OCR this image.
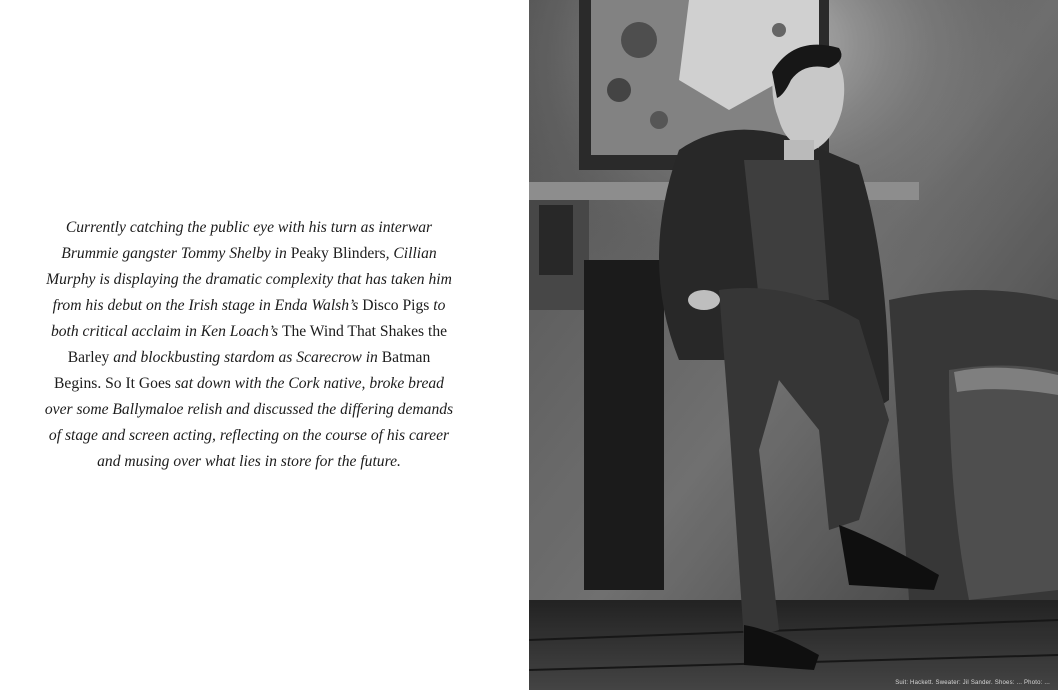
Currently catching the public eye with his turn as interwar Brummie gangster Tommy Shelby in Peaky Blinders, Cillian Murphy is displaying the dramatic complexity that has taken him from his debut on the Irish stage in Enda Walsh’s Disco Pigs to both critical acclaim in Ken Loach’s The Wind That Shakes the Barley and blockbusting stardom as Scarecrow in Batman Begins. So It Goes sat down with the Cork native, broke bread over some Ballymaloe relish and discussed the differing demands of stage and screen acting, reflecting on the course of his career and musing over what lies in store for the future.

Suit: Hackett. Sweater: Jil Sander. Shoes: ... Photo: ...
